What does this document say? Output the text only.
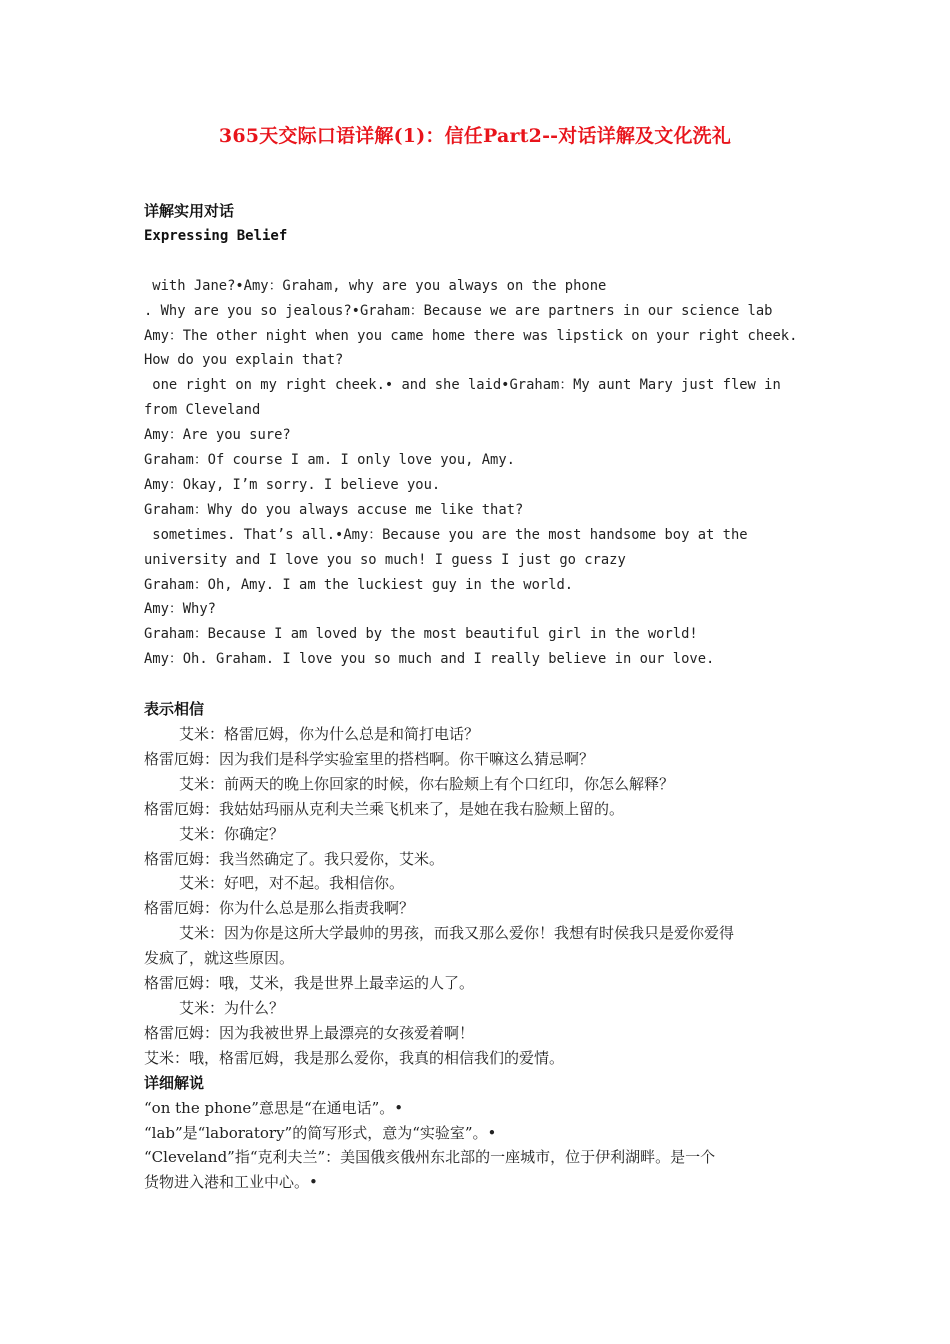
365天交际口语详解(1)：信任Part2--对话详解及文化洗礼
详解实用对话
Expressing Belief
with Jane?•Amy：Graham, why are you always on the phone
. Why are you so jealous?•Graham：Because we are partners in our science lab
Amy：The other night when you came home there was lipstick on your right cheek.
How do you explain that?
one right on my right cheek.• and she laid•Graham：My aunt Mary just flew in
from Cleveland
Amy：Are you sure?
Graham：Of course I am. I only love you, Amy.
Amy：Okay, I’m sorry. I believe you.
Graham：Why do you always accuse me like that?
sometimes. That’s all.•Amy：Because you are the most handsome boy at the
university and I love you so much! I guess I just go crazy
Graham：Oh, Amy. I am the luckiest guy in the world.
Amy：Why?
Graham：Because I am loved by the most beautiful girl in the world!
Amy：Oh. Graham. I love you so much and I really believe in our love.
表示相信
艾米：格雷厄姆，你为什么总是和简打电话？
格雷厄姆：因为我们是科学实验室里的搭档啊。你干嘛这么猜忌啊？
艾米：前两天的晚上你回家的时候，你右脸颊上有个口红印，你怎么解释？
格雷厄姆：我姑姑玛丽从克利夫兰乘飞机来了，是她在我右脸颊上留的。
艾米：你确定？
格雷厄姆：我当然确定了。我只爱你，艾米。
艾米：好吧，对不起。我相信你。
格雷厄姆：你为什么总是那么指责我啊？
艾米：因为你是这所大学最帅的男孩，而我又那么爱你！我想有时侯我只是爱你爱得
发疯了，就这些原因。
格雷厄姆：哦，艾米，我是世界上最幸运的人了。
艾米：为什么？
格雷厄姆：因为我被世界上最漂亮的女孩爱着啊！
艾米：哦，格雷厄姆，我是那么爱你，我真的相信我们的爱情。
详细解说
“on the phone”意思是“在通电话”。•
“lab”是“laboratory”的简写形式，意为“实验室”。•
“Cleveland”指“克利夫兰”：美国俄亥俄州东北部的一座城市，位于伊利湖畔。是一个
货物进入港和工业中心。•
